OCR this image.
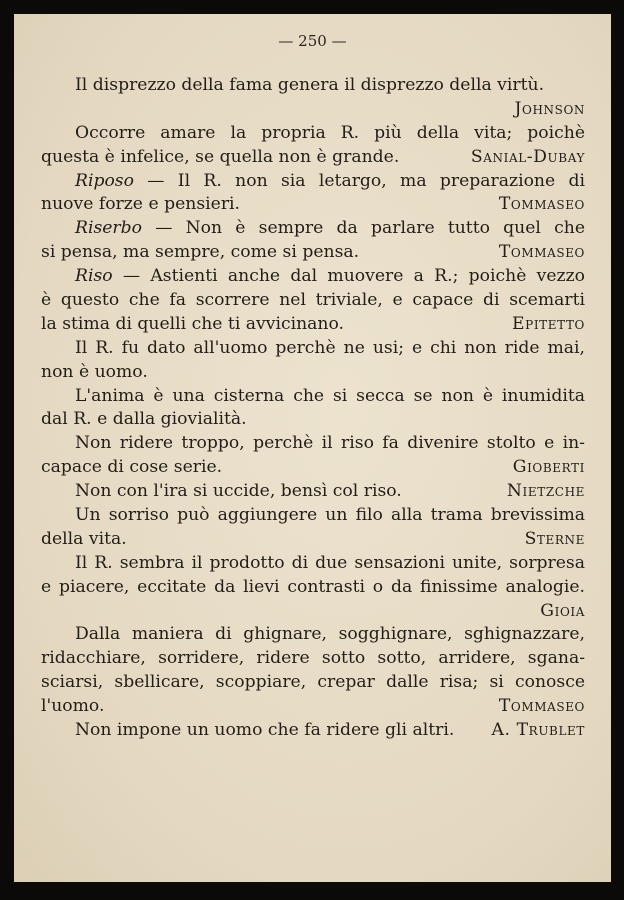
— 250 —
Il disprezzo della fama genera il disprezzo della virtù.
Johnson
Occorre amare la propria R. più della vita; poichè
questa è infelice, se quella non è grande.	Sanial-Dubay
Riposo — Il R. non sia letargo, ma preparazione di
nuove forze e pensieri.	Tommaseo
Riserbo — Non è sempre da parlare tutto quel che
si pensa, ma sempre, come si pensa.	Tommaseo
Riso — Astienti anche dal muovere a R.; poichè vezzo
è questo che fa scorrere nel triviale, e capace di scemarti
la stima di quelli che ti avvicinano.	Epitetto
Il R. fu dato all'uomo perchè ne usi; e chi non ride mai,
non è uomo.
L'anima è una cisterna che si secca se non è inumidita
dal R. e dalla giovialità.
Non ridere troppo, perchè il riso fa divenire stolto e in-
capace di cose serie.	Gioberti
Non con l'ira si uccide, bensì col riso.	Nietzche
Un sorriso può aggiungere un filo alla trama brevissima
della vita.	Sterne
Il R. sembra il prodotto di due sensazioni unite, sorpresa
e piacere, eccitate da lievi contrasti o da finissime analogie.
Gioia
Dalla maniera di ghignare, sogghignare, sghignazzare,
ridacchiare, sorridere, ridere sotto sotto, arridere, sgana-
sciarsi, sbellicare, scoppiare, crepar dalle risa; si conosce
l'uomo.	Tommaseo
Non impone un uomo che fa ridere gli altri. A. Trublet
